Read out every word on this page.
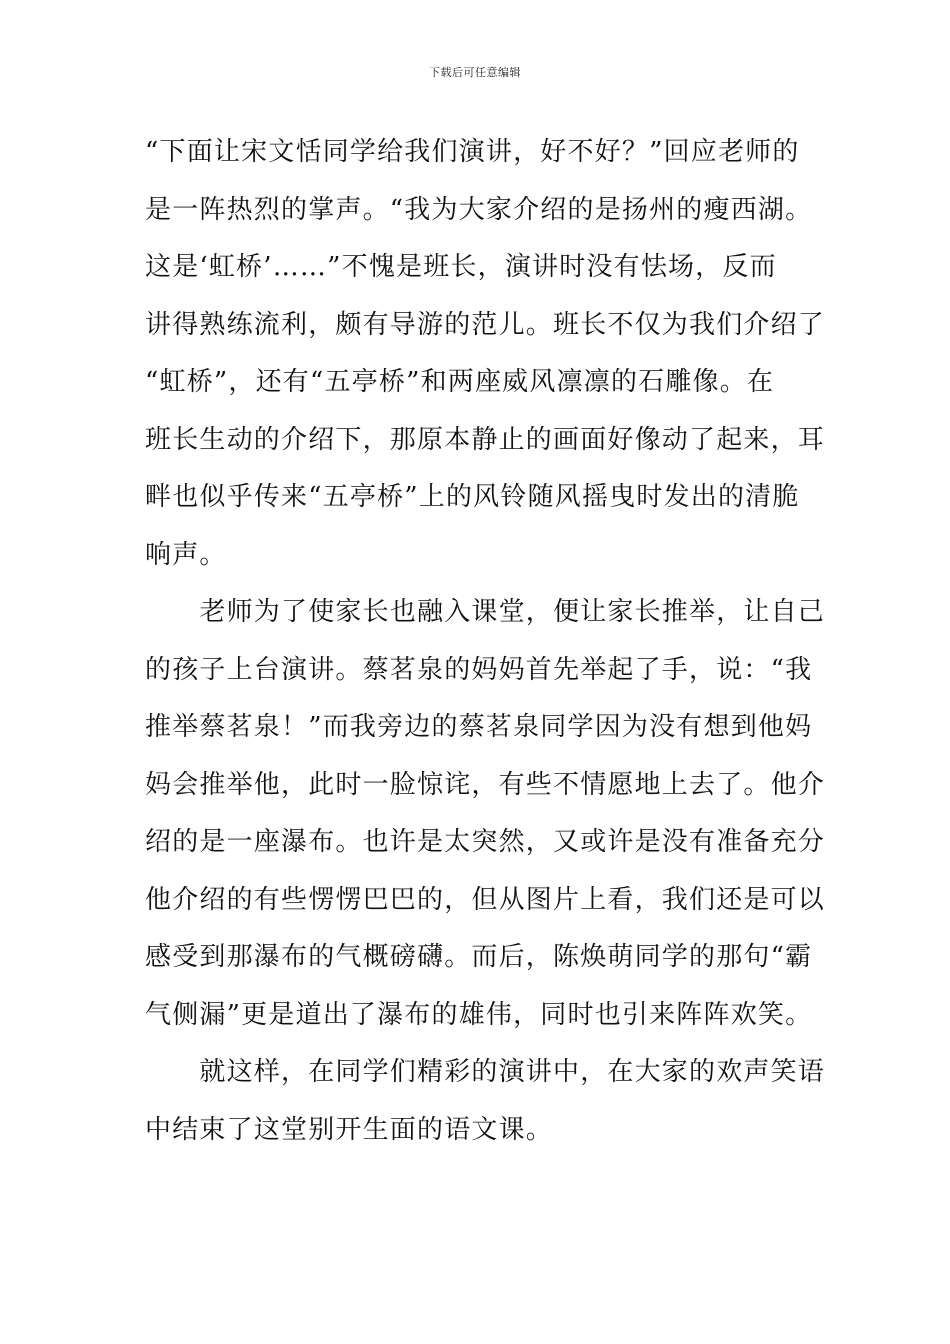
下载后可任意编辑
“下面让宋文恬同学给我们演讲，好不好？”回应老师的
是一阵热烈的掌声。“我为大家介绍的是扬州的瘦西湖。
这是‘虹桥’……”不愧是班长，演讲时没有怯场，反而
讲得熟练流利，颇有导游的范儿。班长不仅为我们介绍了
“虹桥”，还有“五亭桥”和两座威风凛凛的石雕像。在
班长生动的介绍下，那原本静止的画面好像动了起来，耳
畔也似乎传来“五亭桥”上的风铃随风摇曳时发出的清脆
响声。
　　老师为了使家长也融入课堂，便让家长推举，让自己
的孩子上台演讲。蔡茗泉的妈妈首先举起了手，说：“我
推举蔡茗泉！”而我旁边的蔡茗泉同学因为没有想到他妈
妈会推举他，此时一脸惊诧，有些不情愿地上去了。他介
绍的是一座瀑布。也许是太突然，又或许是没有准备充分
他介绍的有些愣愣巴巴的，但从图片上看，我们还是可以
感受到那瀑布的气概磅礴。而后，陈焕萌同学的那句“霸
气侧漏”更是道出了瀑布的雄伟，同时也引来阵阵欢笑。
　　就这样，在同学们精彩的演讲中，在大家的欢声笑语
中结束了这堂别开生面的语文课。
